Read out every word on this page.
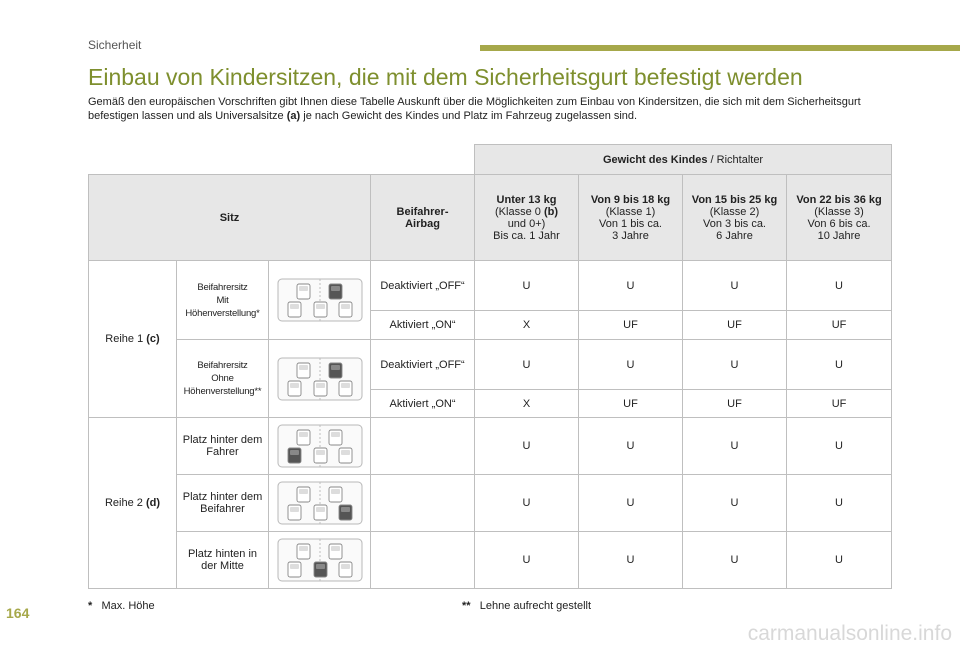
Sicherheit
Einbau von Kindersitzen, die mit dem Sicherheitsgurt befestigt werden
Gemäß den europäischen Vorschriften gibt Ihnen diese Tabelle Auskunft über die Möglichkeiten zum Einbau von Kindersitzen, die sich mit dem Sicherheitsgurt befestigen lassen und als Universalsitze (a) je nach Gewicht des Kindes und Platz im Fahrzeug zugelassen sind.
				Gewicht des Kindes / Richtalter			
Sitz			Beifahrer-
Airbag	Unter 13 kg
(Klasse 0 (b)
und 0+)
Bis ca. 1 Jahr	Von 9 bis 18 kg
(Klasse 1)
Von 1 bis ca.
3 Jahre	Von 15 bis 25 kg
(Klasse 2)
Von 3 bis ca.
6 Jahre	Von 22 bis 36 kg
(Klasse 3)
Von 6 bis ca.
10 Jahre
Reihe 1 (c)	Beifahrersitz
Mit
Höhenverstellung*		Deaktiviert „OFF“	U	U	U	U
			Aktiviert „ON“	X	UF	UF	UF
	Beifahrersitz
Ohne
Höhenverstellung**		Deaktiviert „OFF“	U	U	U	U
			Aktiviert „ON“	X	UF	UF	UF
Reihe 2 (d)	Platz hinter dem
Fahrer			U	U	U	U
	Platz hinter dem
Beifahrer			U	U	U	U
	Platz hinten in
der Mitte			U	U	U	U
* Max. Höhe	** Lehne aufrecht gestellt
164
carmanualsonline.info
